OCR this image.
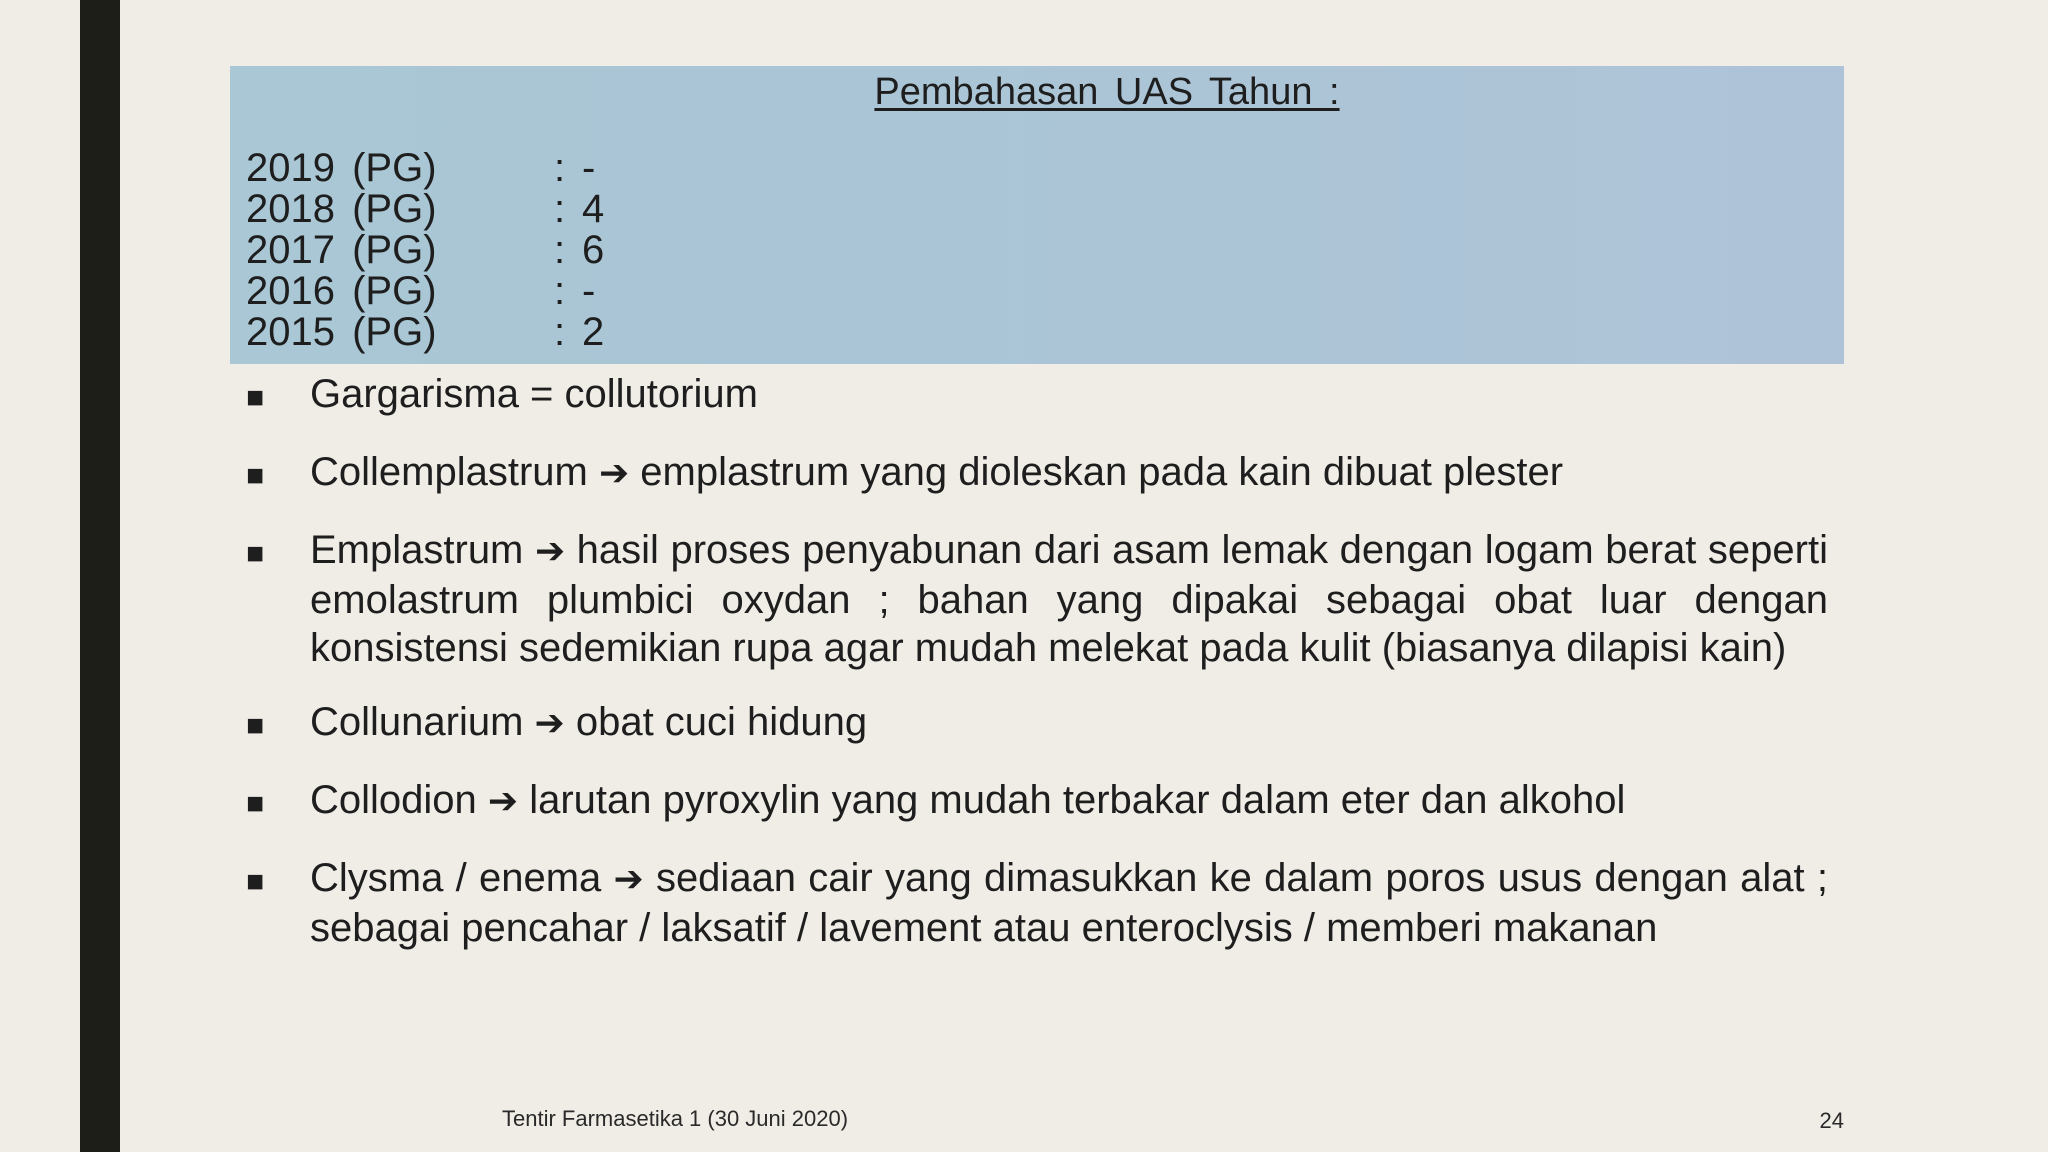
Pembahasan UAS Tahun :
2019 (PG)	: -
2018 (PG)	: 4
2017 (PG)	: 6
2016 (PG)	: -
2015 (PG)	: 2
■	Gargarisma = collutorium
■	Collemplastrum ➔ emplastrum yang dioleskan pada kain dibuat plester
■	Emplastrum ➔ hasil proses penyabunan dari asam lemak dengan logam berat seperti emolastrum plumbici oxydan ; bahan yang dipakai sebagai obat luar dengan konsistensi sedemikian rupa agar mudah melekat pada kulit (biasanya dilapisi kain)
■	Collunarium ➔ obat cuci hidung
■	Collodion ➔ larutan pyroxylin yang mudah terbakar dalam eter dan alkohol
■	Clysma / enema ➔ sediaan cair yang dimasukkan ke dalam poros usus dengan alat ; sebagai pencahar / laksatif / lavement atau enteroclysis / memberi makanan
Tentir Farmasetika 1 (30 Juni 2020)	24
